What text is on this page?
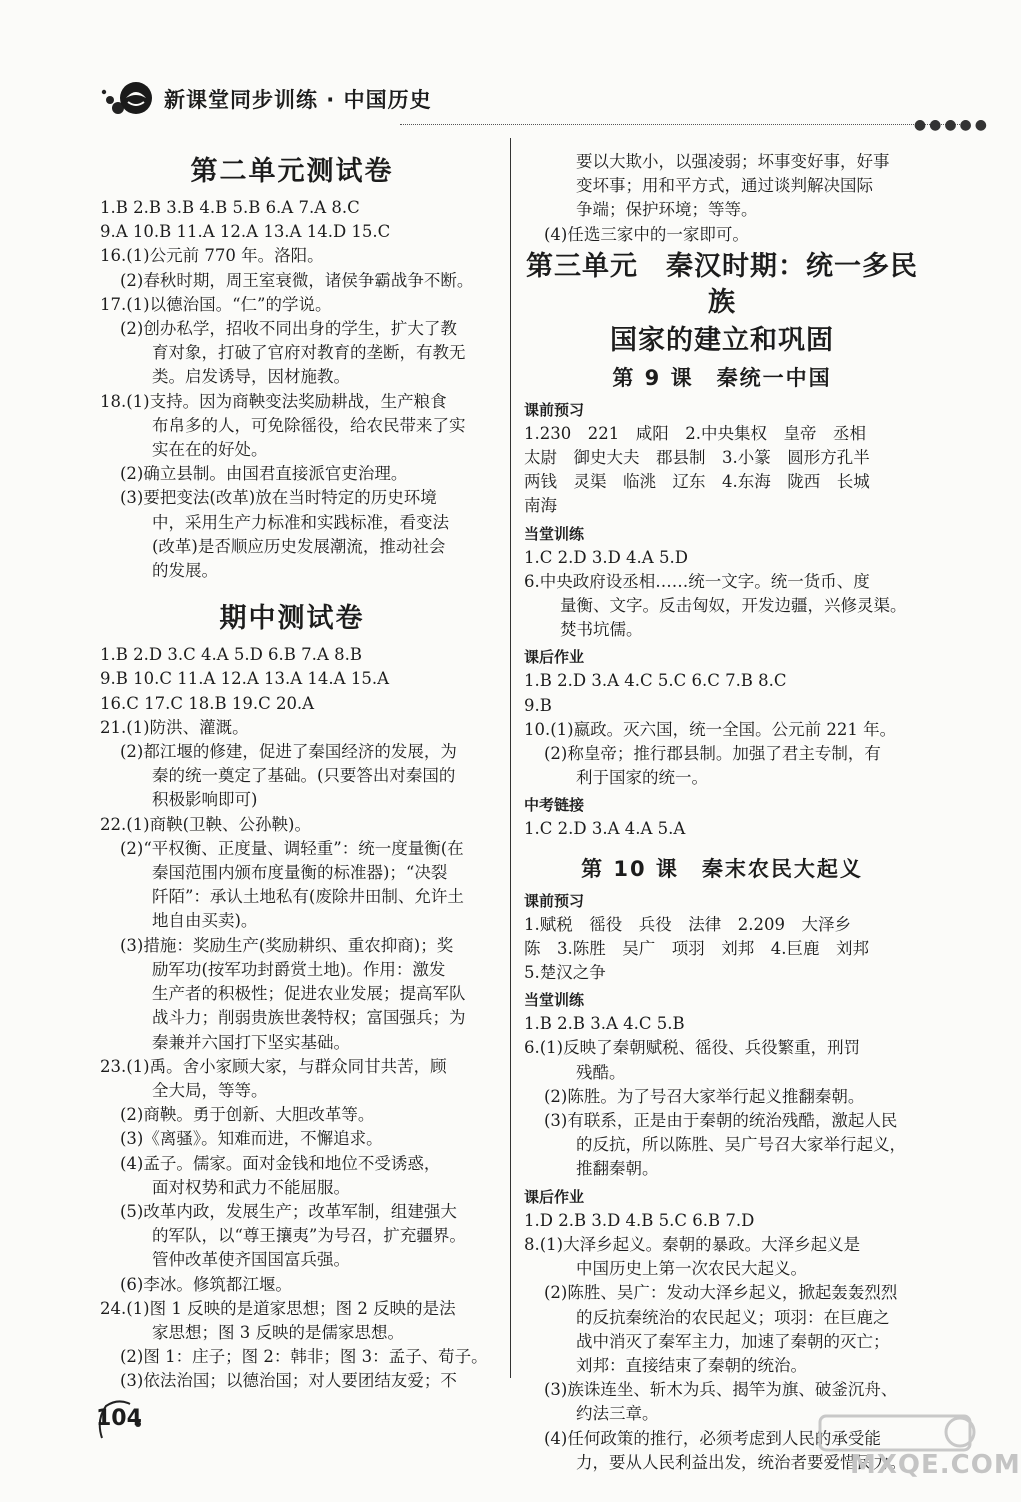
新课堂同步训练 · 中国历史
●●●●●
第二单元测试卷
1.B 2.B 3.B 4.B 5.B 6.A 7.A 8.C
9.A 10.B 11.A 12.A 13.A 14.D 15.C
16.(1)公元前 770 年。洛阳。
(2)春秋时期，周王室衰微，诸侯争霸战争不断。
17.(1)以德治国。“仁”的学说。
(2)创办私学，招收不同出身的学生，扩大了教
育对象，打破了官府对教育的垄断，有教无
类。启发诱导，因材施教。
18.(1)支持。因为商鞅变法奖励耕战，生产粮食
布帛多的人，可免除徭役，给农民带来了实
实在在的好处。
(2)确立县制。由国君直接派官吏治理。
(3)要把变法(改革)放在当时特定的历史环境
中，采用生产力标准和实践标准，看变法
(改革)是否顺应历史发展潮流，推动社会
的发展。
期中测试卷
1.B 2.D 3.C 4.A 5.D 6.B 7.A 8.B
9.B 10.C 11.A 12.A 13.A 14.A 15.A
16.C 17.C 18.B 19.C 20.A
21.(1)防洪、灌溉。
(2)都江堰的修建，促进了秦国经济的发展，为
秦的统一奠定了基础。(只要答出对秦国的
积极影响即可)
22.(1)商鞅(卫鞅、公孙鞅)。
(2)“平权衡、正度量、调轻重”：统一度量衡(在
秦国范围内颁布度量衡的标准器)；“决裂
阡陌”：承认土地私有(废除井田制、允许土
地自由买卖)。
(3)措施：奖励生产(奖励耕织、重农抑商)；奖
励军功(按军功封爵赏土地)。作用：激发
生产者的积极性；促进农业发展；提高军队
战斗力；削弱贵族世袭特权；富国强兵；为
秦兼并六国打下坚实基础。
23.(1)禹。舍小家顾大家，与群众同甘共苦，顾
全大局，等等。
(2)商鞅。勇于创新、大胆改革等。
(3)《离骚》。知难而进，不懈追求。
(4)孟子。儒家。面对金钱和地位不受诱惑，
面对权势和武力不能屈服。
(5)改革内政，发展生产；改革军制，组建强大
的军队，以“尊王攘夷”为号召，扩充疆界。
管仲改革使齐国国富兵强。
(6)李冰。修筑都江堰。
24.(1)图 1 反映的是道家思想；图 2 反映的是法
家思想；图 3 反映的是儒家思想。
(2)图 1：庄子；图 2：韩非；图 3：孟子、荀子。
(3)依法治国；以德治国；对人要团结友爱；不
要以大欺小，以强凌弱；坏事变好事，好事
变坏事；用和平方式，通过谈判解决国际
争端；保护环境；等等。
(4)任选三家中的一家即可。
第三单元　秦汉时期：统一多民族
国家的建立和巩固
第 9 课　秦统一中国
课前预习
1.230　221　咸阳　2.中央集权　皇帝　丞相
太尉　御史大夫　郡县制　3.小篆　圆形方孔半
两钱　灵渠　临洮　辽东　4.东海　陇西　长城
南海
当堂训练
1.C 2.D 3.D 4.A 5.D
6.中央政府设丞相……统一文字。统一货币、度
量衡、文字。反击匈奴，开发边疆，兴修灵渠。
焚书坑儒。
课后作业
1.B 2.D 3.A 4.C 5.C 6.C 7.B 8.C
9.B
10.(1)嬴政。灭六国，统一全国。公元前 221 年。
(2)称皇帝；推行郡县制。加强了君主专制，有
利于国家的统一。
中考链接
1.C 2.D 3.A 4.A 5.A
第 10 课　秦末农民大起义
课前预习
1.赋税　徭役　兵役　法律　2.209　大泽乡
陈　3.陈胜　吴广　项羽　刘邦　4.巨鹿　刘邦
5.楚汉之争
当堂训练
1.B 2.B 3.A 4.C 5.B
6.(1)反映了秦朝赋税、徭役、兵役繁重，刑罚
残酷。
(2)陈胜。为了号召大家举行起义推翻秦朝。
(3)有联系，正是由于秦朝的统治残酷，激起人民
的反抗，所以陈胜、吴广号召大家举行起义，
推翻秦朝。
课后作业
1.D 2.B 3.D 4.B 5.C 6.B 7.D
8.(1)大泽乡起义。秦朝的暴政。大泽乡起义是
中国历史上第一次农民大起义。
(2)陈胜、吴广：发动大泽乡起义，掀起轰轰烈烈
的反抗秦统治的农民起义；项羽：在巨鹿之
战中消灭了秦军主力，加速了秦朝的灭亡；
刘邦：直接结束了秦朝的统治。
(3)族诛连坐、斩木为兵、揭竿为旗、破釜沉舟、
约法三章。
(4)任何政策的推行，必须考虑到人民的承受能
力，要从人民利益出发，统治者要爱惜民力。
104
MXQE.COM
